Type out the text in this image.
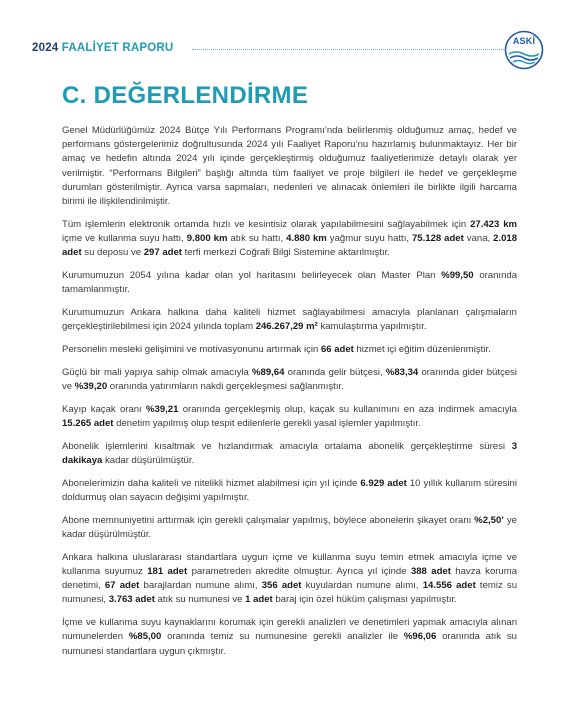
2024 FAALİYET RAPORU
ASKİ
C. DEĞERLENDİRME

Genel Müdürlüğümüz 2024 Bütçe Yılı Performans Programı’nda belirlenmiş olduğumuz amaç, hedef ve performans göstergelerimiz doğrultusunda 2024 yılı Faaliyet Raporu’nu hazırlamış bulunmaktayız. Her bir amaç ve hedefin altında 2024 yılı içinde gerçekleştirmiş olduğumuz faaliyetlerimize detaylı olarak yer verilmiştir. “Performans Bilgileri” başlığı altında tüm faaliyet ve proje bilgileri ile hedef ve gerçekleşme durumları gösterilmiştir. Ayrıca varsa sapmaları, nedenleri ve alınacak önlemleri ile birlikte ilgili harcama birimi ile ilişkilendirilmiştir.

Tüm işlemlerin elektronik ortamda hızlı ve kesintisiz olarak yapılabilmesini sağlayabilmek için 27.423 km içme ve kullanma suyu hattı, 9.800 km atık su hattı, 4.880 km yağmur suyu hattı, 75.128 adet vana, 2.018 adet su deposu ve 297 adet terfi merkezi Coğrafi Bilgi Sistemine aktarılmıştır.

Kurumumuzun 2054 yılına kadar olan yol haritasını belirleyecek olan Master Plan %99,50 oranında tamamlanmıştır.

Kurumumuzun Ankara halkına daha kaliteli hizmet sağlayabilmesi amacıyla planlanan çalışmaların gerçekleştirilebilmesi için 2024 yılında toplam 246.267,29 m² kamulaştırma yapılmıştır.

Personelin mesleki gelişimini ve motivasyonunu artırmak için 66 adet hizmet içi eğitim düzenlenmiştir.

Güçlü bir mali yapıya sahip olmak amacıyla %89,64 oranında gelir bütçesi, %83,34 oranında gider bütçesi ve %39,20 oranında yatırımların nakdi gerçekleşmesi sağlanmıştır.

Kayıp kaçak oranı %39,21 oranında gerçekleşmiş olup, kaçak su kullanımını en aza indirmek amacıyla 15.265 adet denetim yapılmış olup tespit edilenlerle gerekli yasal işlemler yapılmıştır.

Abonelik işlemlerini kısaltmak ve hızlandırmak amacıyla ortalama abonelik gerçekleştirme süresi 3 dakikaya kadar düşürülmüştür.

Abonelerimizin daha kaliteli ve nitelikli hizmet alabilmesi için yıl içinde 6.929 adet 10 yıllık kullanım süresini doldurmuş olan sayacın değişimi yapılmıştır.

Abone memnuniyetini arttırmak için gerekli çalışmalar yapılmış, böylece abonelerin şikayet oranı %2,50’ ye kadar düşürülmüştür.

Ankara halkına uluslararası standartlara uygun içme ve kullanma suyu temin etmek amacıyla içme ve kullanma suyumuz 181 adet parametreden akredite olmuştur. Ayrıca yıl içinde 388 adet havza koruma denetimi, 67 adet barajlardan numune alımı, 356 adet kuyulardan numune alımı, 14.556 adet temiz su numunesi, 3.763 adet atık su numunesi ve 1 adet baraj için özel hüküm çalışması yapılmıştır.

İçme ve kullanma suyu kaynaklarını korumak için gerekli analizleri ve denetimleri yapmak amacıyla alınan numunelerden %85,00 oranında temiz su numunesine gerekli analizler ile %96,06 oranında atık su numunesi standartlara uygun çıkmıştır.
